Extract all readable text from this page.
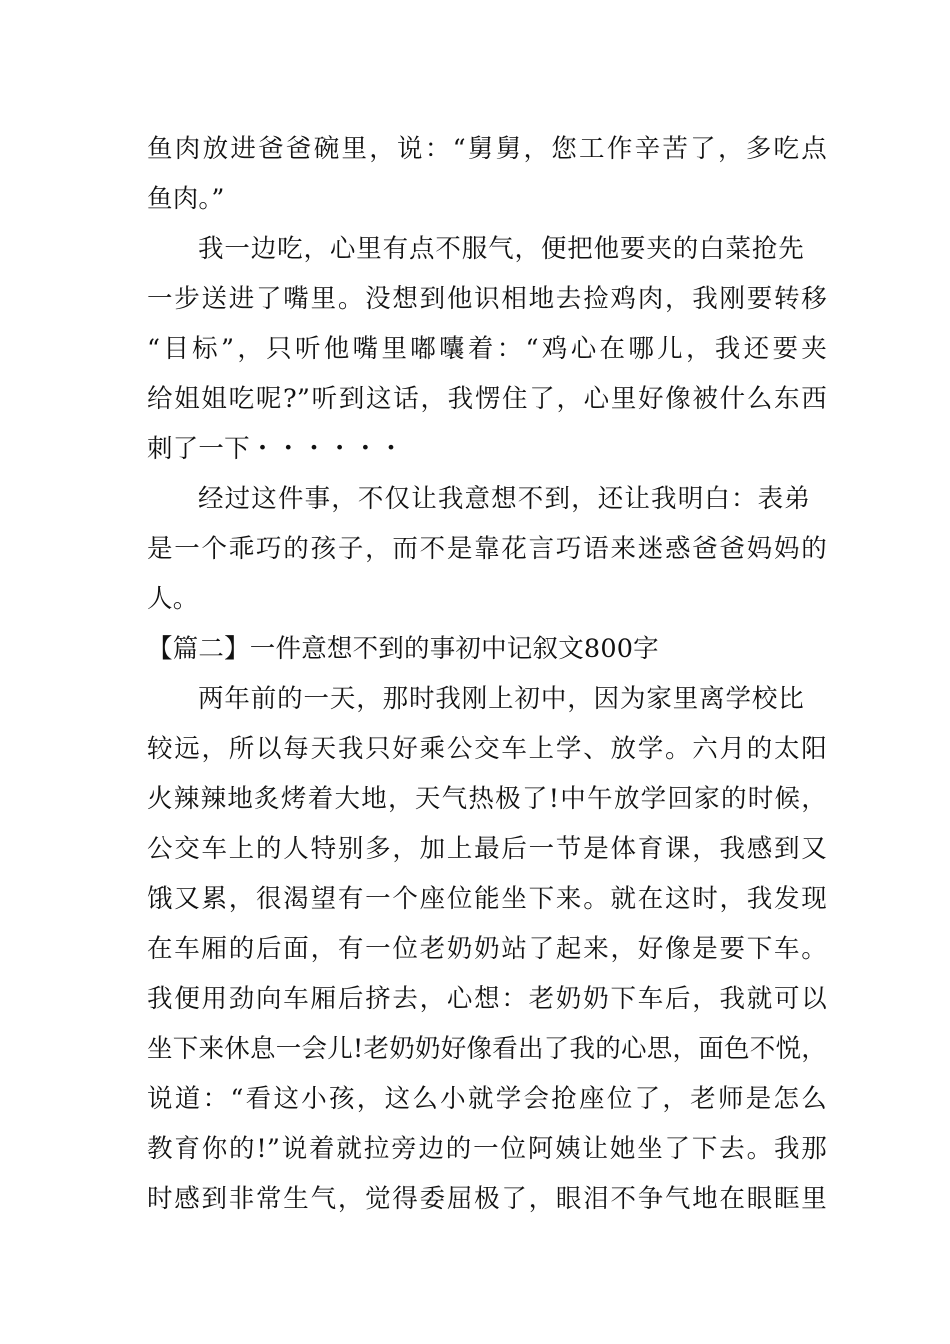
鱼肉放进爸爸碗里，说：“舅舅，您工作辛苦了，多吃点
鱼肉。”
我一边吃，心里有点不服气，便把他要夹的白菜抢先
一步送进了嘴里。没想到他识相地去捡鸡肉，我刚要转移
“目标”，只听他嘴里嘟囔着：“鸡心在哪儿，我还要夹
给姐姐吃呢?”听到这话，我愣住了，心里好像被什么东西
刺了一下・・・・・・
经过这件事，不仅让我意想不到，还让我明白：表弟
是一个乖巧的孩子，而不是靠花言巧语来迷惑爸爸妈妈的
人。
【篇二】一件意想不到的事初中记叙文800字
两年前的一天，那时我刚上初中，因为家里离学校比
较远，所以每天我只好乘公交车上学、放学。六月的太阳
火辣辣地炙烤着大地，天气热极了!中午放学回家的时候，
公交车上的人特别多，加上最后一节是体育课，我感到又
饿又累，很渴望有一个座位能坐下来。就在这时，我发现
在车厢的后面，有一位老奶奶站了起来，好像是要下车。
我便用劲向车厢后挤去，心想：老奶奶下车后，我就可以
坐下来休息一会儿!老奶奶好像看出了我的心思，面色不悦，
说道：“看这小孩，这么小就学会抢座位了，老师是怎么
教育你的!”说着就拉旁边的一位阿姨让她坐了下去。我那
时感到非常生气，觉得委屈极了，眼泪不争气地在眼眶里
